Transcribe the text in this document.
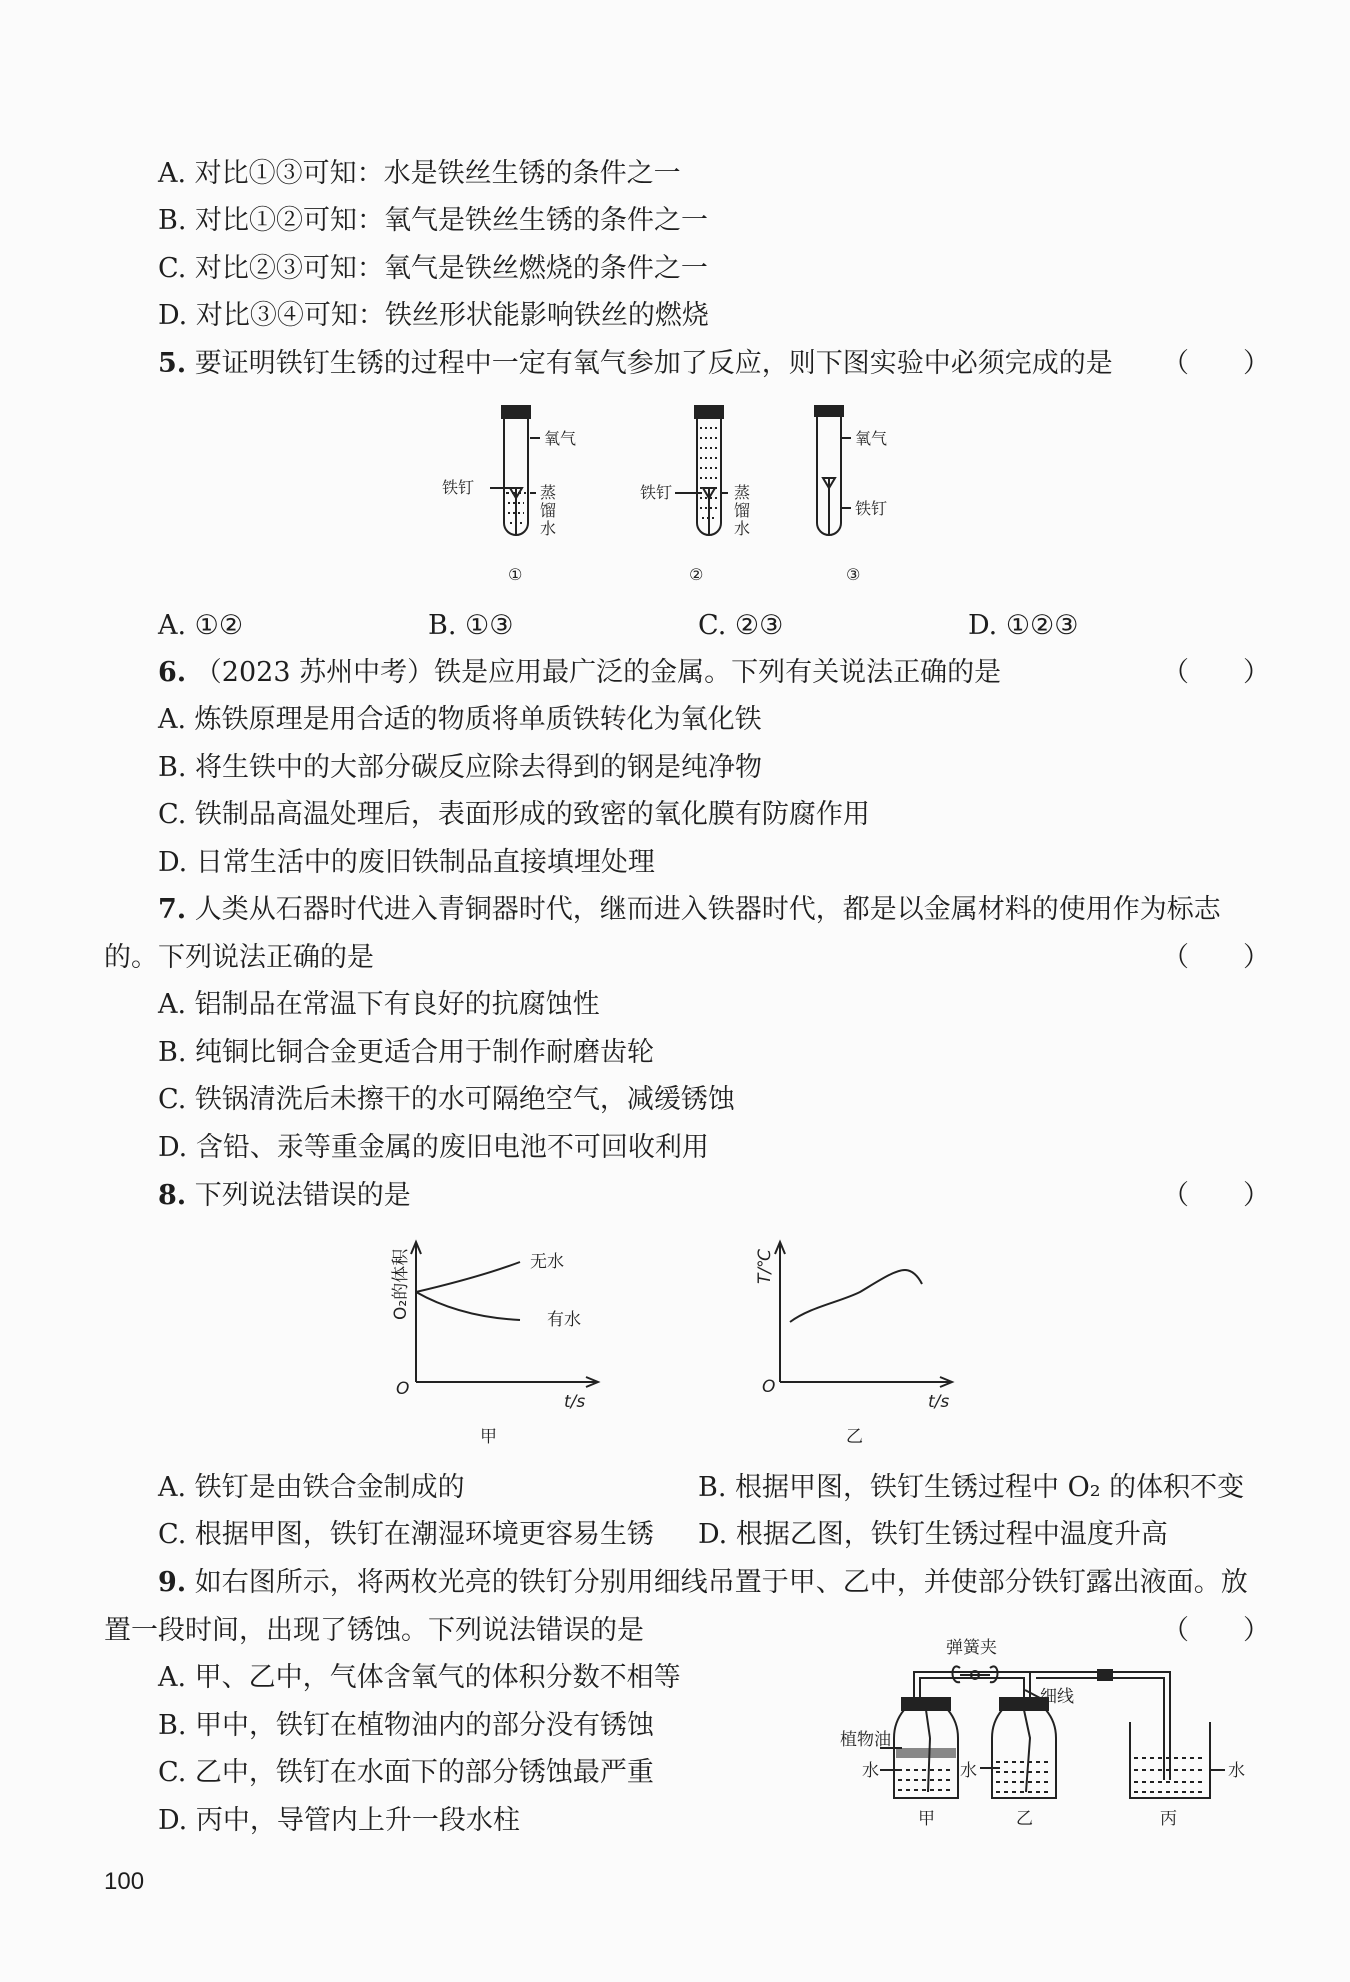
A. 对比①③可知：水是铁丝生锈的条件之一
B. 对比①②可知：氧气是铁丝生锈的条件之一
C. 对比②③可知：氧气是铁丝燃烧的条件之一
D. 对比③④可知：铁丝形状能影响铁丝的燃烧
5. 要证明铁钉生锈的过程中一定有氧气参加了反应，则下图实验中必须完成的是	（　　）
氧气
铁钉	蒸
馏
水
铁钉	蒸
馏
水
氧气
铁钉
①	②	③
A. ①②	B. ①③	C. ②③	D. ①②③
6. （2023 苏州中考）铁是应用最广泛的金属。下列有关说法正确的是	（　　）
A. 炼铁原理是用合适的物质将单质铁转化为氧化铁
B. 将生铁中的大部分碳反应除去得到的钢是纯净物
C. 铁制品高温处理后，表面形成的致密的氧化膜有防腐作用
D. 日常生活中的废旧铁制品直接填埋处理
7. 人类从石器时代进入青铜器时代，继而进入铁器时代，都是以金属材料的使用作为标志
的。下列说法正确的是	（　　）
A. 铝制品在常温下有良好的抗腐蚀性
B. 纯铜比铜合金更适合用于制作耐磨齿轮
C. 铁锅清洗后未擦干的水可隔绝空气，减缓锈蚀
D. 含铅、汞等重金属的废旧电池不可回收利用
8. 下列说法错误的是	（　　）
O₂的体积	无水
有水
O
t/s
甲
T/℃
O
t/s
乙
A. 铁钉是由铁合金制成的	B. 根据甲图，铁钉生锈过程中 O₂ 的体积不变
C. 根据甲图，铁钉在潮湿环境更容易生锈 D. 根据乙图，铁钉生锈过程中温度升高
9. 如右图所示，将两枚光亮的铁钉分别用细线吊置于甲、乙中，并使部分铁钉露出液面。放
置一段时间，出现了锈蚀。下列说法错误的是	（　　）
A. 甲、乙中，气体含氧气的体积分数不相等
B. 甲中，铁钉在植物油内的部分没有锈蚀
C. 乙中，铁钉在水面下的部分锈蚀最严重
D. 丙中，导管内上升一段水柱
弹簧夹
细线
植物油
水	水	水
甲	乙	丙
100
